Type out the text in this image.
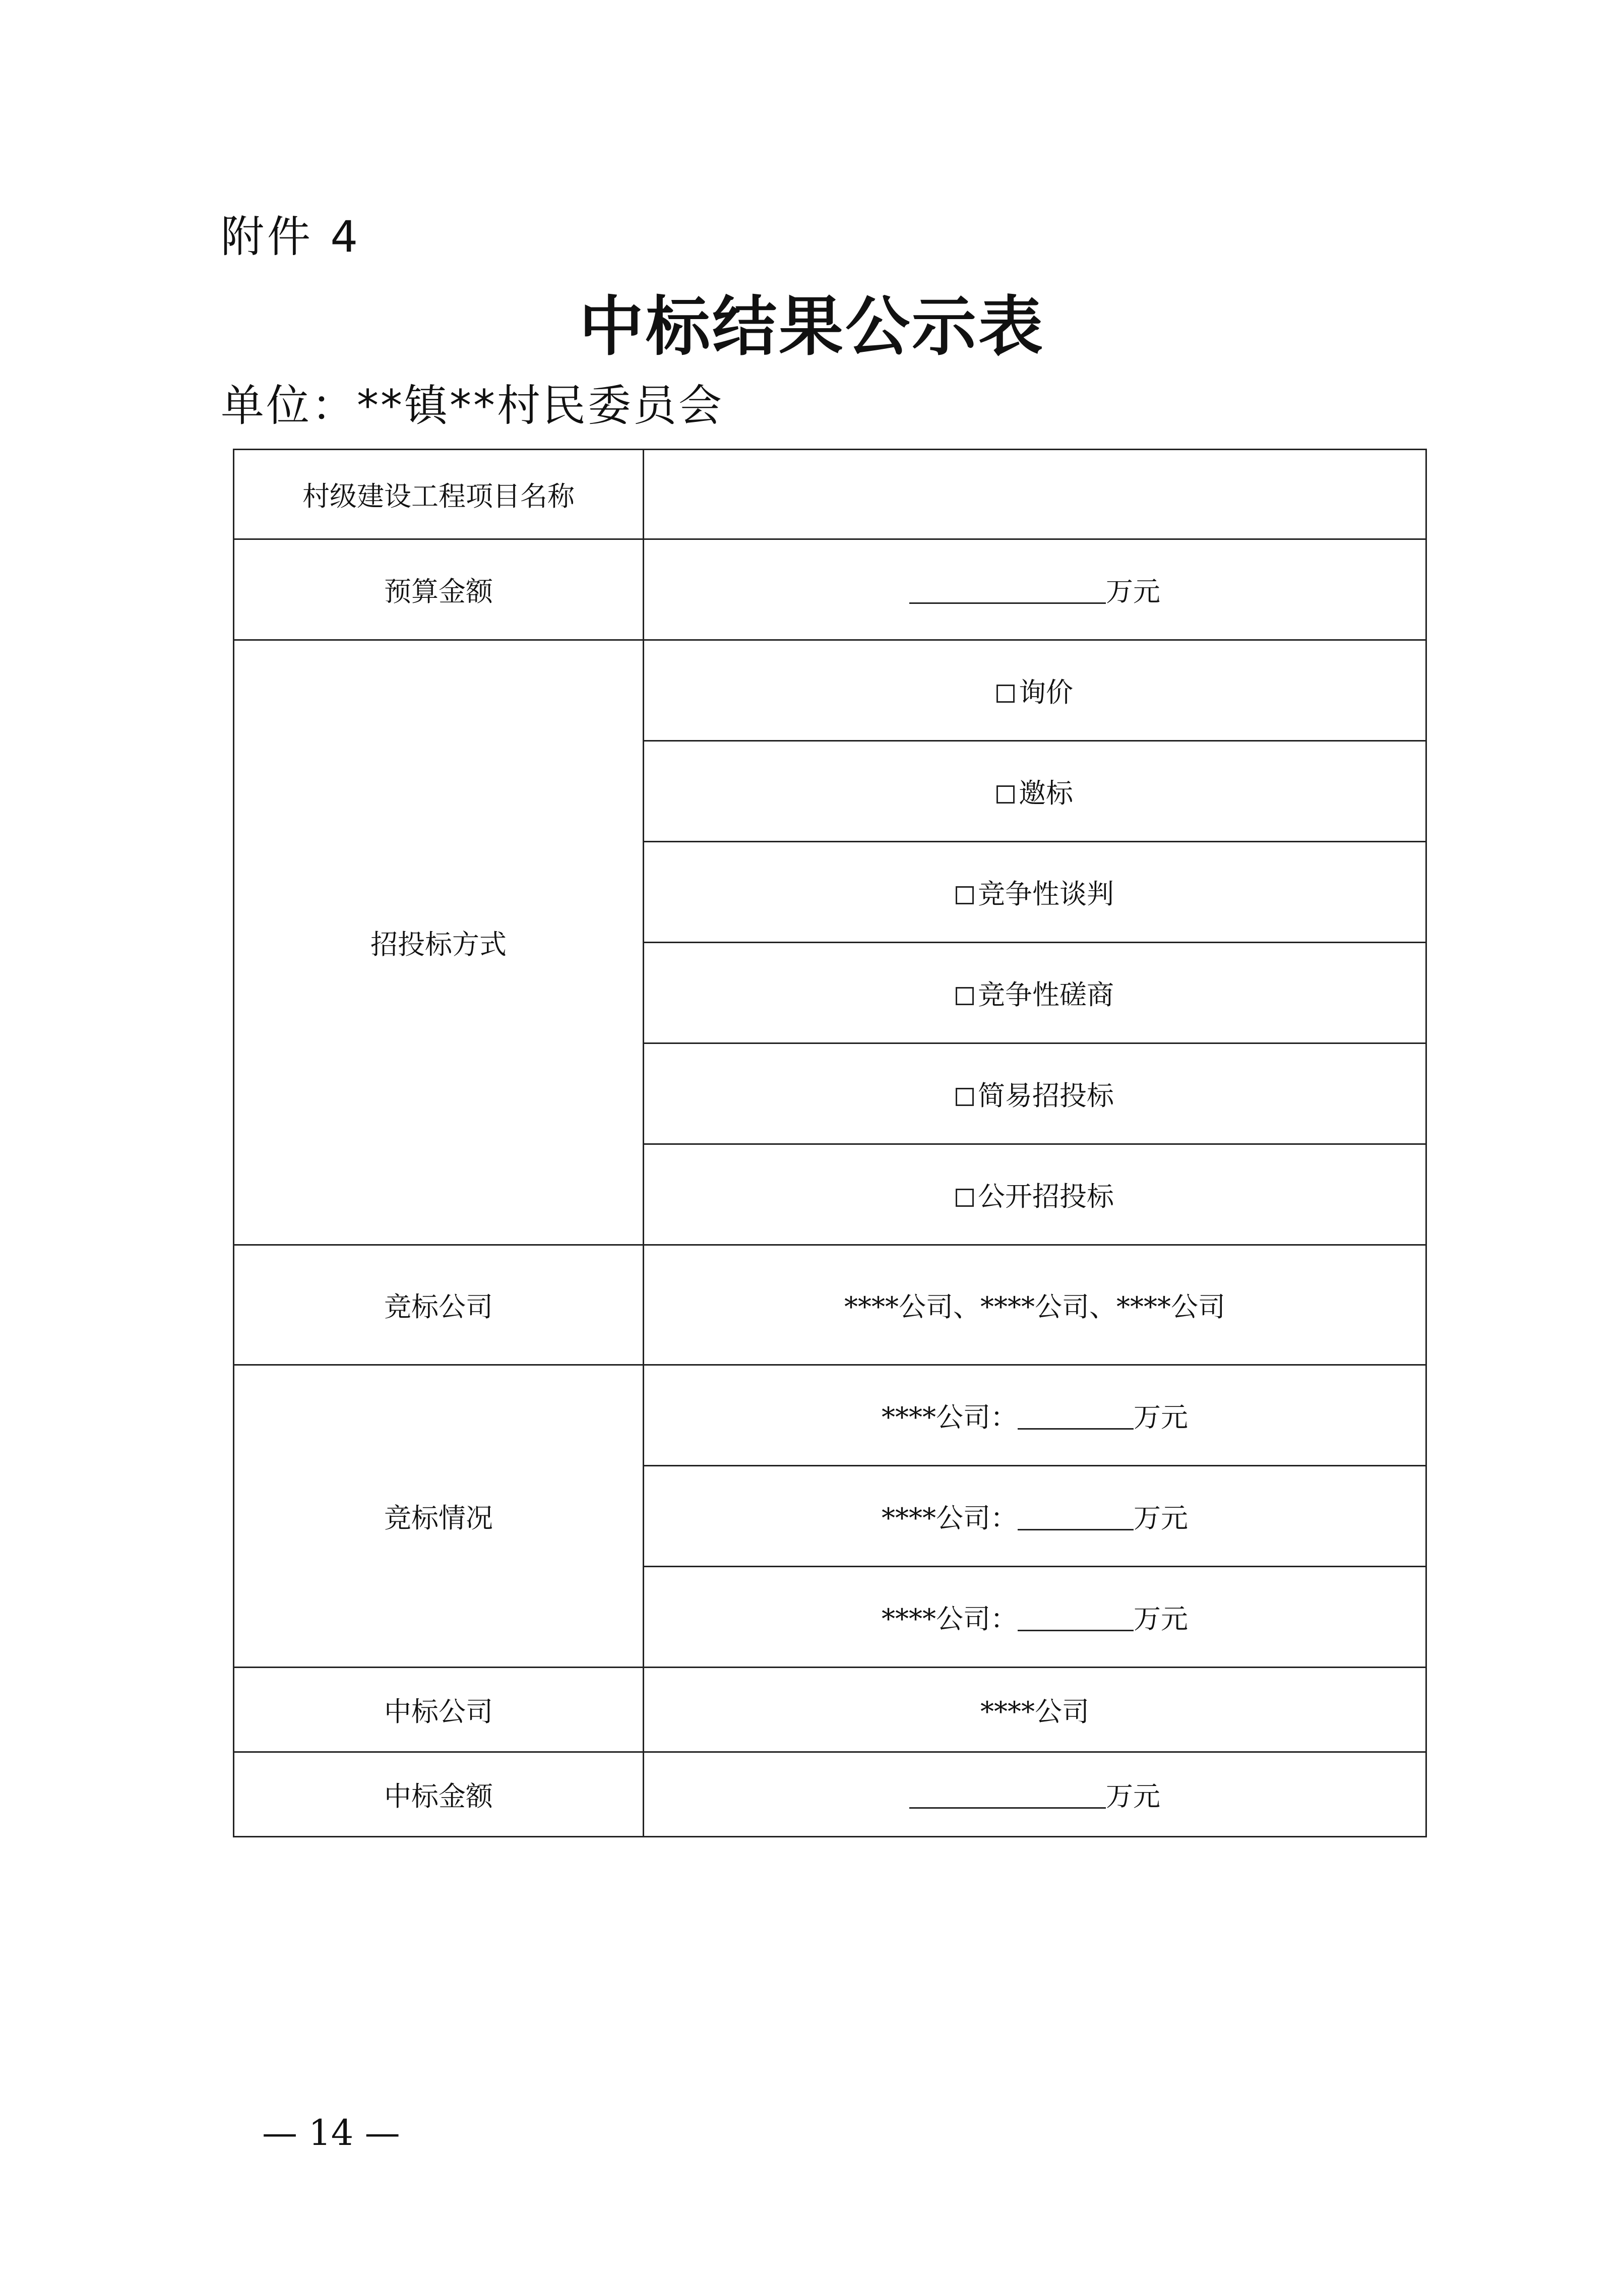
附件 4
中标结果公示表
单位：**镇**村民委员会
村级建设工程项目名称	
预算金额	万元
招投标方式	询价
	邀标
	竞争性谈判
	竞争性磋商
	简易招投标
	公开招投标
竞标公司	****公司、****公司、****公司
竞标情况	****公司： 万元
	****公司： 万元
	****公司： 万元
中标公司	****公司
中标金额	万元
— 14 —
